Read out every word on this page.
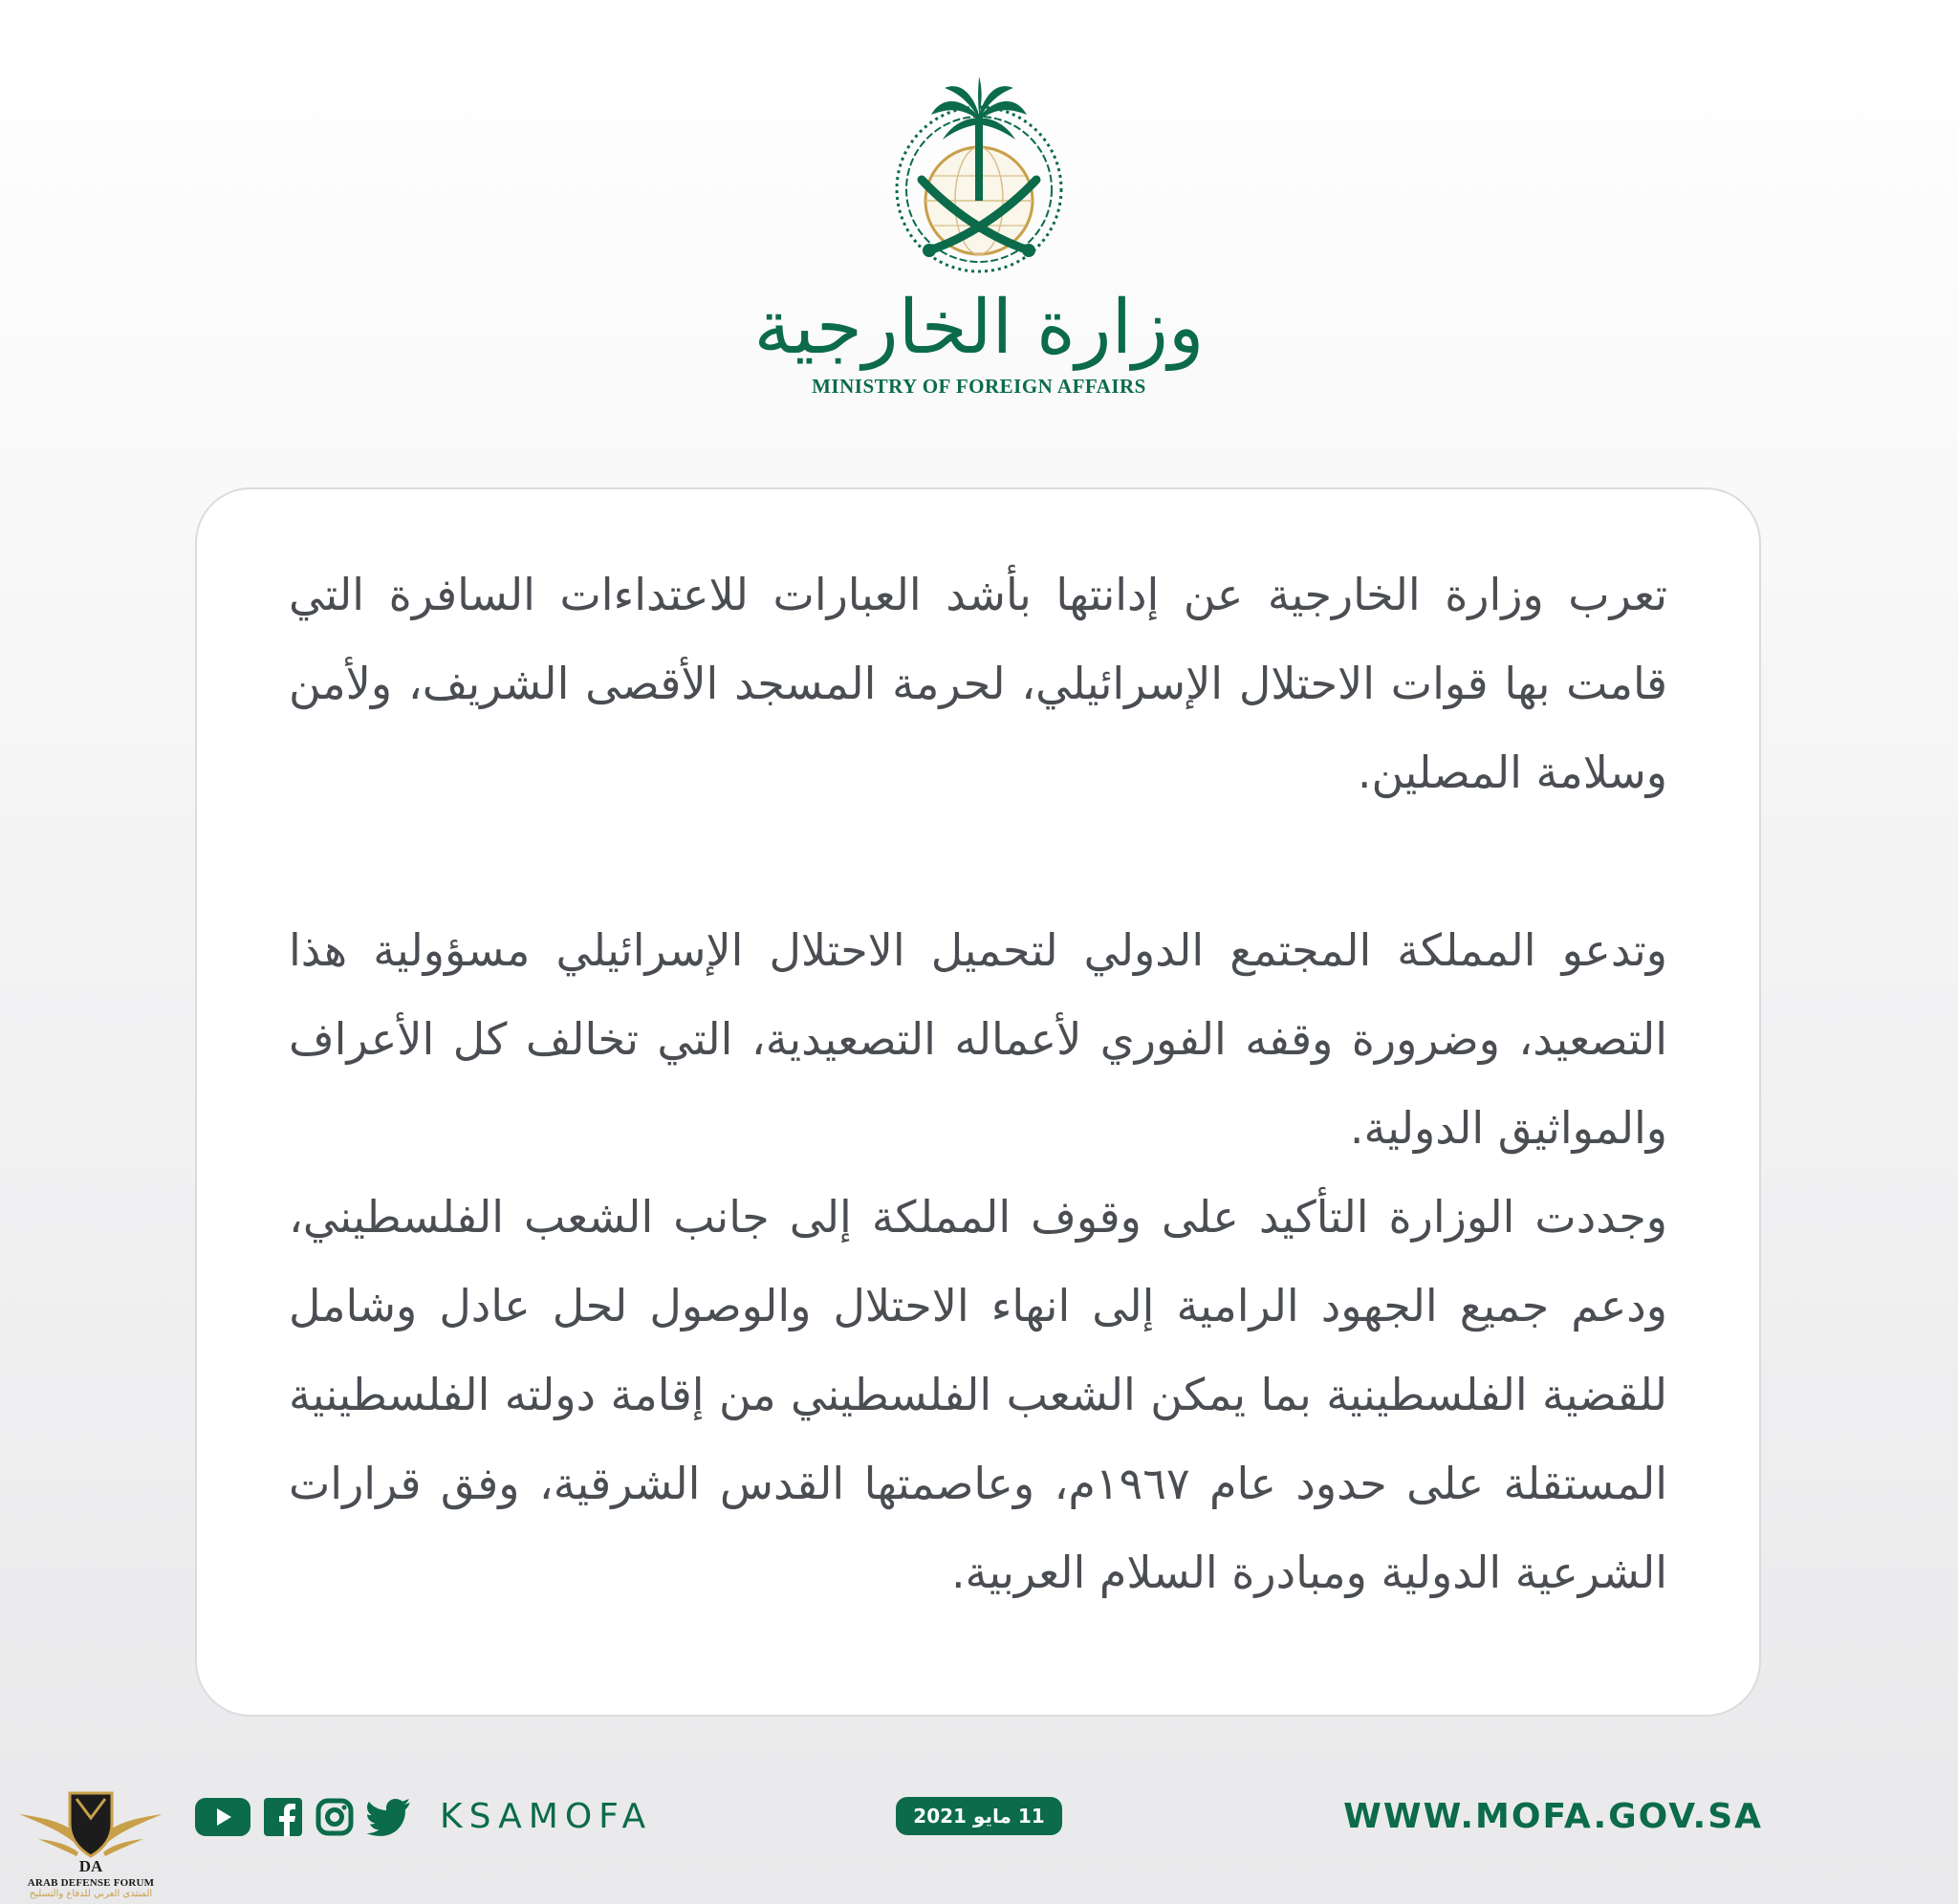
وزارة الخارجية
MINISTRY OF FOREIGN AFFAIRS

تعرب وزارة الخارجية عن إدانتها بأشد العبارات للاعتداءات السافرة التي قامت بها قوات الاحتلال الإسرائيلي، لحرمة المسجد الأقصى الشريف، ولأمن وسلامة المصلين.

وتدعو المملكة المجتمع الدولي لتحميل الاحتلال الإسرائيلي مسؤولية هذا التصعيد، وضرورة وقفه الفوري لأعماله التصعيدية، التي تخالف كل الأعراف والمواثيق الدولية.

وجددت الوزارة التأكيد على وقوف المملكة إلى جانب الشعب الفلسطيني، ودعم جميع الجهود الرامية إلى انهاء الاحتلال والوصول لحل عادل وشامل للقضية الفلسطينية بما يمكن الشعب الفلسطيني من إقامة دولته الفلسطينية المستقلة على حدود عام ١٩٦٧م، وعاصمتها القدس الشرقية، وفق قرارات الشرعية الدولية ومبادرة السلام العربية.

DA
ARAB DEFENSE FORUM
المنتدى العربي للدفاع والتسليح
KSAMOFA	11 مايو 2021	WWW.MOFA.GOV.SA
